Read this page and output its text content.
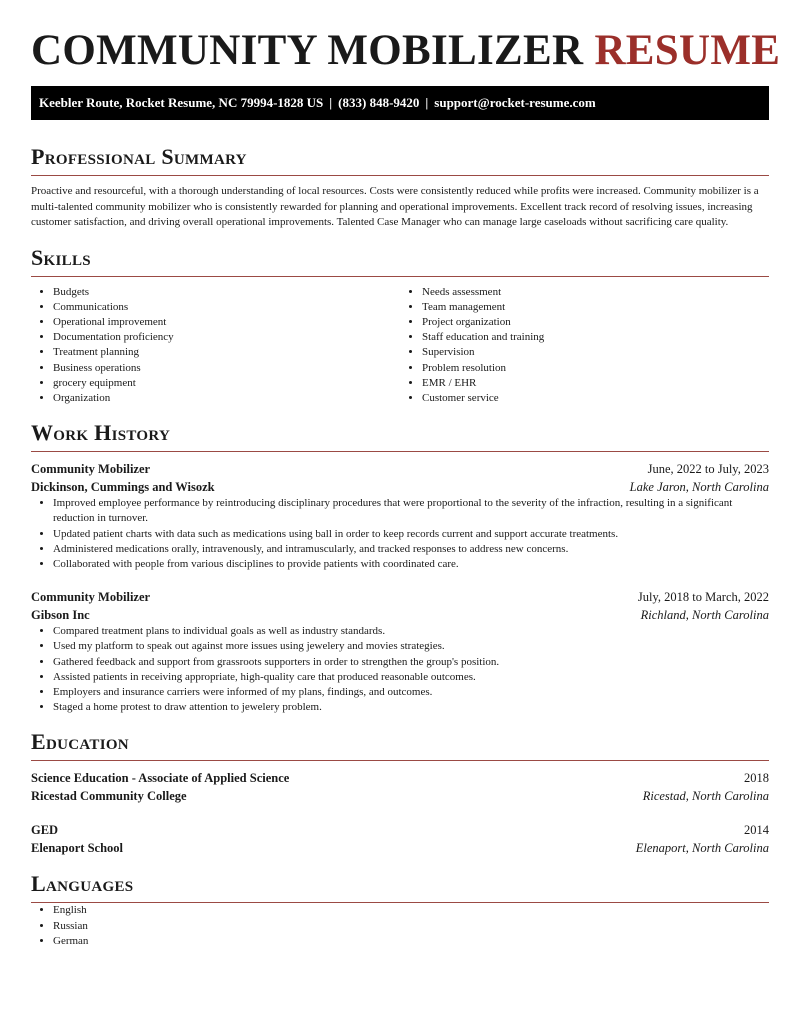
COMMUNITY MOBILIZER RESUME
Keebler Route, Rocket Resume, NC 79994-1828 US | (833) 848-9420 | support@rocket-resume.com
Professional Summary

Proactive and resourceful, with a thorough understanding of local resources. Costs were consistently reduced while profits were increased. Community mobilizer is a multi-talented community mobilizer who is consistently rewarded for planning and operational improvements. Excellent track record of resolving issues, increasing customer satisfaction, and driving overall operational improvements. Talented Case Manager who can manage large caseloads without sacrificing care quality.

Skills
• Budgets
• Communications
• Operational improvement
• Documentation proficiency
• Treatment planning
• Business operations
• grocery equipment
• Organization
• Needs assessment
• Team management
• Project organization
• Staff education and training
• Supervision
• Problem resolution
• EMR / EHR
• Customer service
Work History
Community Mobilizer	June, 2022 to July, 2023
Dickinson, Cummings and Wisozk	Lake Jaron, North Carolina
• Improved employee performance by reintroducing disciplinary procedures that were proportional to the severity of the infraction, resulting in a significant reduction in turnover.
• Updated patient charts with data such as medications using ball in order to keep records current and support accurate treatments.
• Administered medications orally, intravenously, and intramuscularly, and tracked responses to address new concerns.
• Collaborated with people from various disciplines to provide patients with coordinated care.
Community Mobilizer	July, 2018 to March, 2022
Gibson Inc	Richland, North Carolina
• Compared treatment plans to individual goals as well as industry standards.
• Used my platform to speak out against more issues using jewelery and movies strategies.
• Gathered feedback and support from grassroots supporters in order to strengthen the group's position.
• Assisted patients in receiving appropriate, high-quality care that produced reasonable outcomes.
• Employers and insurance carriers were informed of my plans, findings, and outcomes.
• Staged a home protest to draw attention to jewelery problem.
Education
Science Education - Associate of Applied Science	2018
Ricestad Community College	Ricestad, North Carolina
GED	2014
Elenaport School	Elenaport, North Carolina
Languages
• English
• Russian
• German
